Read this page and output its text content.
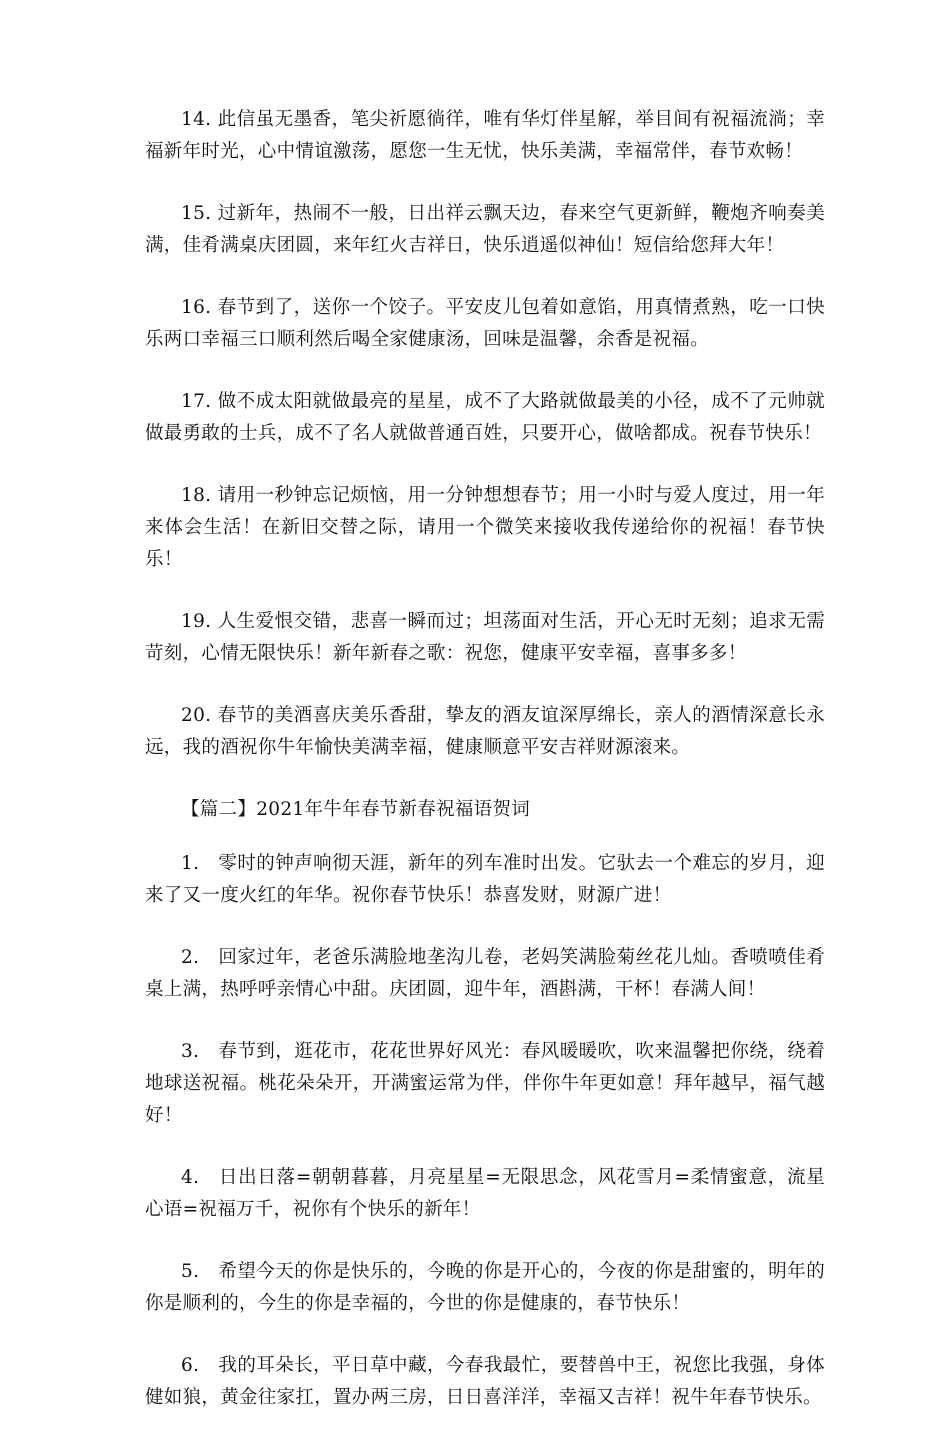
14. 此信虽无墨香，笔尖祈愿徜徉，唯有华灯伴星解，举目间有祝福流淌；幸福新年时光，心中情谊激荡，愿您一生无忧，快乐美满，幸福常伴，春节欢畅！

15. 过新年，热闹不一般，日出祥云飘天边，春来空气更新鲜，鞭炮齐响奏美满，佳肴满桌庆团圆，来年红火吉祥日，快乐逍遥似神仙！短信给您拜大年！

16. 春节到了，送你一个饺子。平安皮儿包着如意馅，用真情煮熟，吃一口快乐两口幸福三口顺利然后喝全家健康汤，回味是温馨，余香是祝福。

17. 做不成太阳就做最亮的星星，成不了大路就做最美的小径，成不了元帅就做最勇敢的士兵，成不了名人就做普通百姓，只要开心，做啥都成。祝春节快乐！

18. 请用一秒钟忘记烦恼，用一分钟想想春节；用一小时与爱人度过，用一年来体会生活！在新旧交替之际，请用一个微笑来接收我传递给你的祝福！春节快乐！

19. 人生爱恨交错，悲喜一瞬而过；坦荡面对生活，开心无时无刻；追求无需苛刻，心情无限快乐！新年新春之歌：祝您，健康平安幸福，喜事多多！

20. 春节的美酒喜庆美乐香甜，挚友的酒友谊深厚绵长，亲人的酒情深意长永远，我的酒祝你牛年愉快美满幸福，健康顺意平安吉祥财源滚来。

【篇二】2021年牛年春节新春祝福语贺词

1.　零时的钟声响彻天涯，新年的列车准时出发。它驮去一个难忘的岁月，迎来了又一度火红的年华。祝你春节快乐！恭喜发财，财源广进！

2.　回家过年，老爸乐满脸地垄沟儿卷，老妈笑满脸菊丝花儿灿。香喷喷佳肴桌上满，热呼呼亲情心中甜。庆团圆，迎牛年，酒斟满，干杯！春满人间！

3.　春节到，逛花市，花花世界好风光：春风暖暖吹，吹来温馨把你绕，绕着地球送祝福。桃花朵朵开，开满蜜运常为伴，伴你牛年更如意！拜年越早，福气越好！

4.　日出日落=朝朝暮暮，月亮星星=无限思念，风花雪月=柔情蜜意，流星心语=祝福万千，祝你有个快乐的新年！

5.　希望今天的你是快乐的，今晚的你是开心的，今夜的你是甜蜜的，明年的你是顺利的，今生的你是幸福的，今世的你是健康的，春节快乐！

6.　我的耳朵长，平日草中藏，今春我最忙，要替兽中王，祝您比我强，身体健如狼，黄金往家扛，置办两三房，日日喜洋洋，幸福又吉祥！祝牛年春节快乐。
